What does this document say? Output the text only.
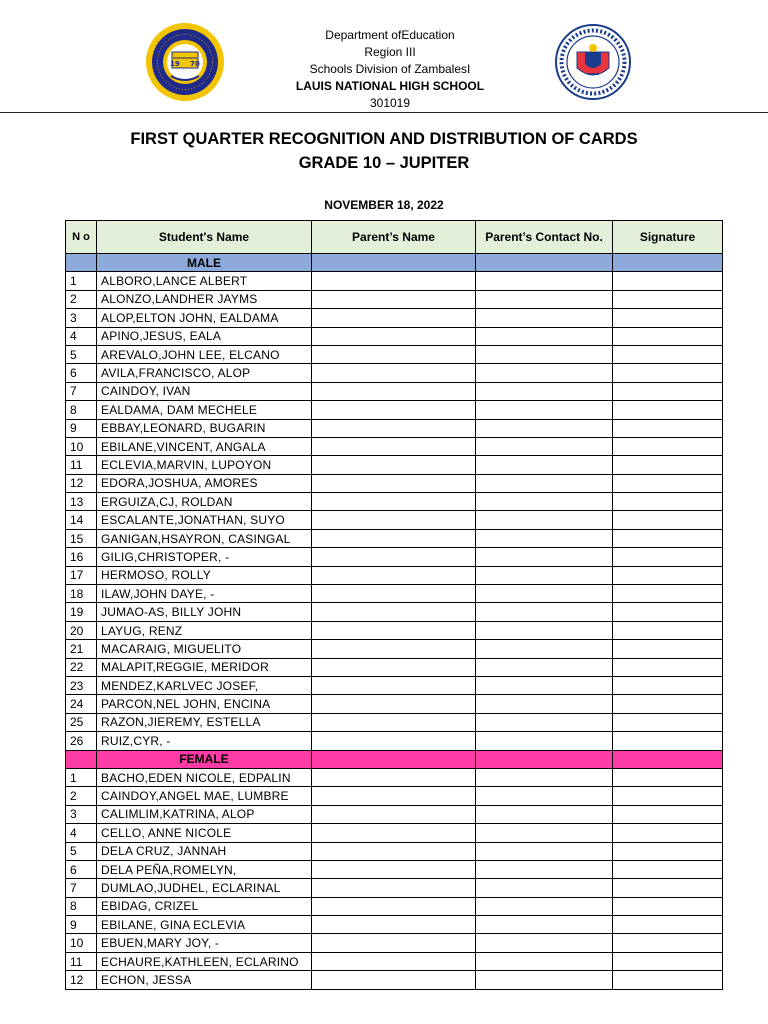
19 70
Department ofEducation
Region III
Schools Division of ZambalesI
LAUIS NATIONAL HIGH SCHOOL
301019
FIRST QUARTER RECOGNITION AND DISTRIBUTION OF CARDS
GRADE 10 – JUPITER
NOVEMBER 18, 2022
N o	Student's Name	Parent’s Name	Parent’s Contact No.	Signature
	MALE			
1	ALBORO,LANCE ALBERT			
2	ALONZO,LANDHER JAYMS			
3	ALOP,ELTON JOHN, EALDAMA			
4	APINO,JESUS, EALA			
5	AREVALO,JOHN LEE, ELCANO			
6	AVILA,FRANCISCO, ALOP			
7	CAINDOY, IVAN			
8	EALDAMA, DAM MECHELE			
9	EBBAY,LEONARD, BUGARIN			
10	EBILANE,VINCENT, ANGALA			
11	ECLEVIA,MARVIN, LUPOYON			
12	EDORA,JOSHUA, AMORES			
13	ERGUIZA,CJ, ROLDAN			
14	ESCALANTE,JONATHAN, SUYO			
15	GANIGAN,HSAYRON, CASINGAL			
16	GILIG,CHRISTOPER, -			
17	HERMOSO, ROLLY			
18	ILAW,JOHN DAYE, -			
19	JUMAO-AS, BILLY JOHN			
20	LAYUG, RENZ			
21	MACARAIG, MIGUELITO			
22	MALAPIT,REGGIE, MERIDOR			
23	MENDEZ,KARLVEC JOSEF,			
24	PARCON,NEL JOHN, ENCINA			
25	RAZON,JIEREMY, ESTELLA			
26	RUIZ,CYR, -			
	FEMALE			
1	BACHO,EDEN NICOLE, EDPALIN			
2	CAINDOY,ANGEL MAE, LUMBRE			
3	CALIMLIM,KATRINA, ALOP			
4	CELLO, ANNE NICOLE			
5	DELA CRUZ, JANNAH			
6	DELA PEÑA,ROMELYN,			
7	DUMLAO,JUDHEL, ECLARINAL			
8	EBIDAG, CRIZEL			
9	EBILANE, GINA ECLEVIA			
10	EBUEN,MARY JOY, -			
11	ECHAURE,KATHLEEN, ECLARINO			
12	ECHON, JESSA			
